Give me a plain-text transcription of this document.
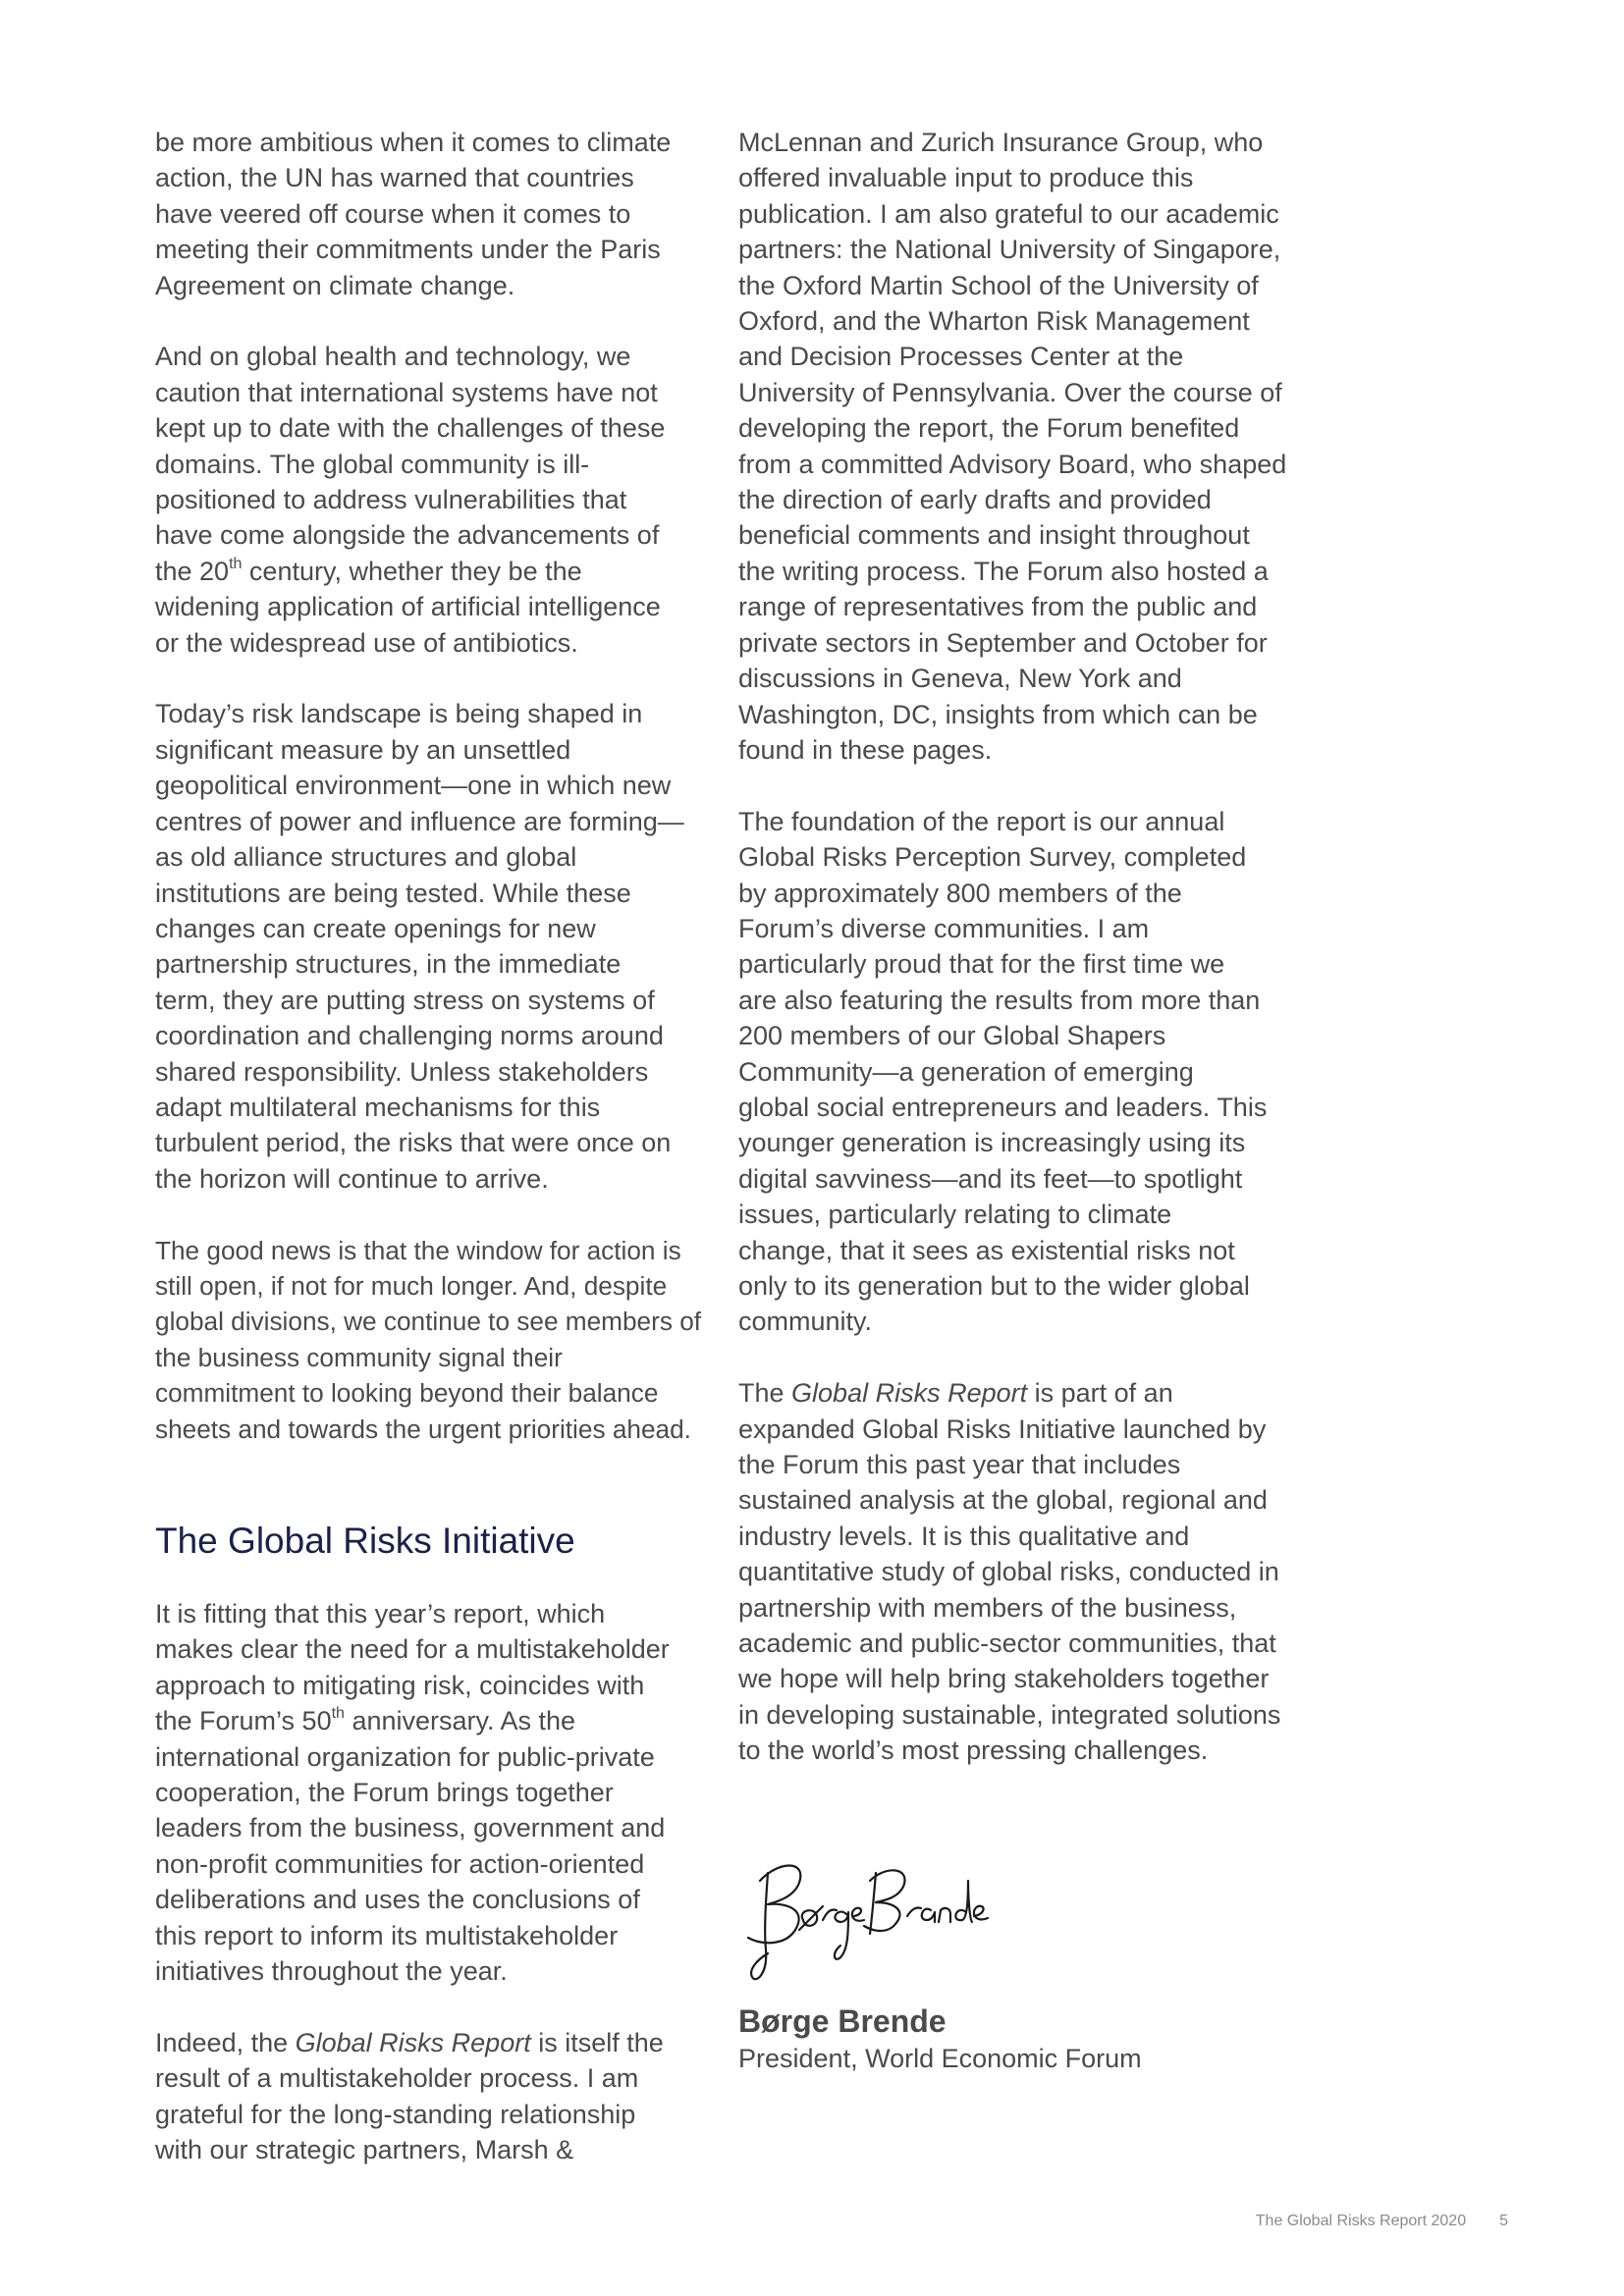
be more ambitious when it comes to climate action, the UN has warned that countries have veered off course when it comes to meeting their commitments under the Paris Agreement on climate change.

And on global health and technology, we caution that international systems have not kept up to date with the challenges of these domains. The global community is ill-positioned to address vulnerabilities that have come alongside the advancements of the 20th century, whether they be the widening application of artificial intelligence or the widespread use of antibiotics.

Today’s risk landscape is being shaped in significant measure by an unsettled geopolitical environment—one in which new centres of power and influence are forming—as old alliance structures and global institutions are being tested. While these changes can create openings for new partnership structures, in the immediate term, they are putting stress on systems of coordination and challenging norms around shared responsibility. Unless stakeholders adapt multilateral mechanisms for this turbulent period, the risks that were once on the horizon will continue to arrive.

The good news is that the window for action is still open, if not for much longer. And, despite global divisions, we continue to see members of the business community signal their commitment to looking beyond their balance sheets and towards the urgent priorities ahead.

The Global Risks Initiative

It is fitting that this year’s report, which makes clear the need for a multistakeholder approach to mitigating risk, coincides with the Forum’s 50th anniversary. As the international organization for public-private cooperation, the Forum brings together leaders from the business, government and non-profit communities for action-oriented deliberations and uses the conclusions of this report to inform its multistakeholder initiatives throughout the year.

Indeed, the Global Risks Report is itself the result of a multistakeholder process. I am grateful for the long-standing relationship with our strategic partners, Marsh &

McLennan and Zurich Insurance Group, who offered invaluable input to produce this publication. I am also grateful to our academic partners: the National University of Singapore, the Oxford Martin School of the University of Oxford, and the Wharton Risk Management and Decision Processes Center at the University of Pennsylvania. Over the course of developing the report, the Forum benefited from a committed Advisory Board, who shaped the direction of early drafts and provided beneficial comments and insight throughout the writing process. The Forum also hosted a range of representatives from the public and private sectors in September and October for discussions in Geneva, New York and Washington, DC, insights from which can be found in these pages.

The foundation of the report is our annual Global Risks Perception Survey, completed by approximately 800 members of the Forum’s diverse communities. I am particularly proud that for the first time we are also featuring the results from more than 200 members of our Global Shapers Community—a generation of emerging global social entrepreneurs and leaders. This younger generation is increasingly using its digital savviness—and its feet—to spotlight issues, particularly relating to climate change, that it sees as existential risks not only to its generation but to the wider global community.

The Global Risks Report is part of an expanded Global Risks Initiative launched by the Forum this past year that includes sustained analysis at the global, regional and industry levels. It is this qualitative and quantitative study of global risks, conducted in partnership with members of the business, academic and public-sector communities, that we hope will help bring stakeholders together in developing sustainable, integrated solutions to the world’s most pressing challenges.

Børge Brende
President, World Economic Forum
The Global Risks Report 2020 5
